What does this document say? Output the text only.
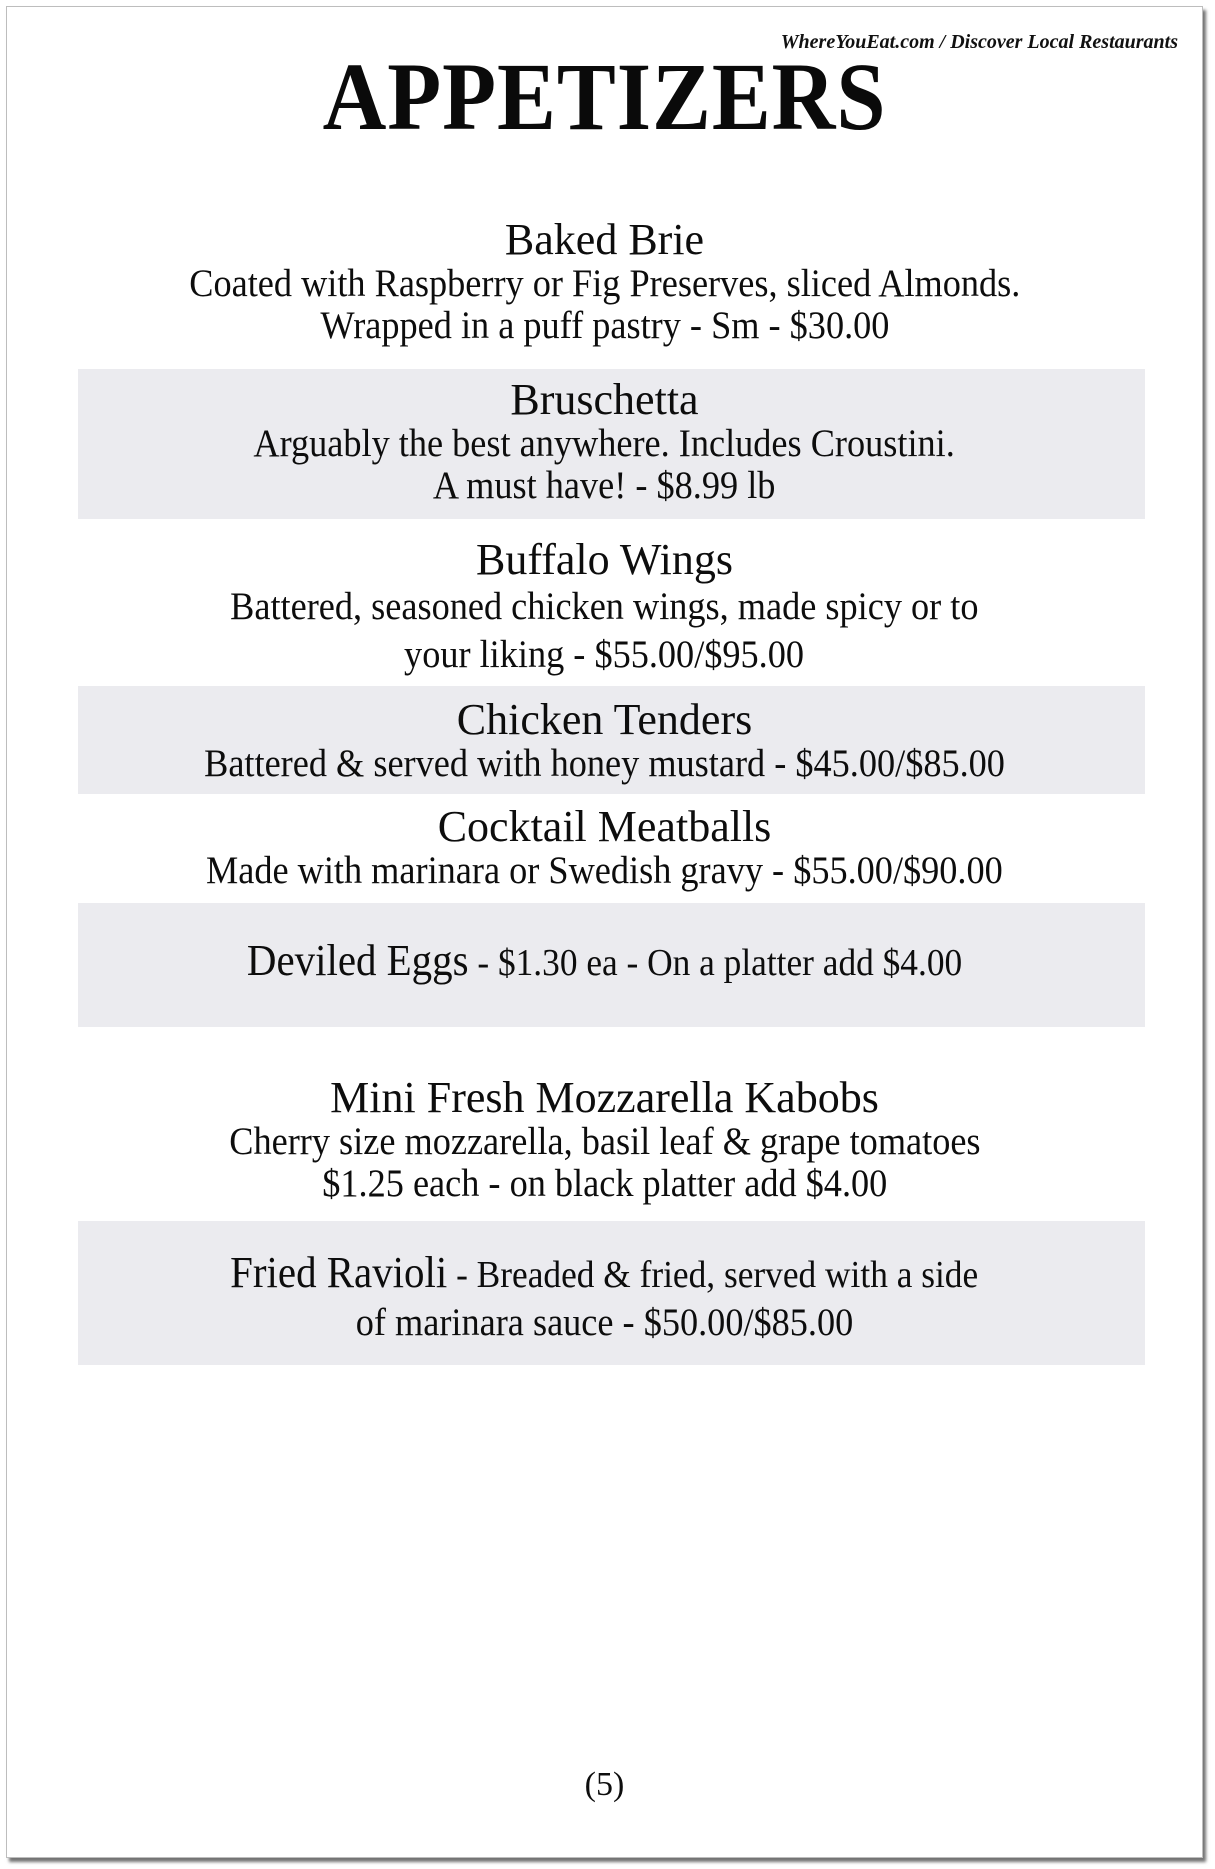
WhereYouEat.com / Discover Local Restaurants
APPETIZERS
Baked Brie
Coated with Raspberry or Fig Preserves, sliced Almonds.
Wrapped in a puff pastry - Sm - $30.00
Bruschetta
Arguably the best anywhere. Includes Croustini.
A must have! - $8.99 lb
Buffalo Wings
Battered, seasoned chicken wings, made spicy or to
your liking - $55.00/$95.00
Chicken Tenders
Battered & served with honey mustard - $45.00/$85.00
Cocktail Meatballs
Made with marinara or Swedish gravy - $55.00/$90.00
Deviled Eggs - $1.30 ea - On a platter add $4.00
Mini Fresh Mozzarella Kabobs
Cherry size mozzarella, basil leaf & grape tomatoes
$1.25 each - on black platter add $4.00
Fried Ravioli - Breaded & fried, served with a side
of marinara sauce - $50.00/$85.00
(5)
